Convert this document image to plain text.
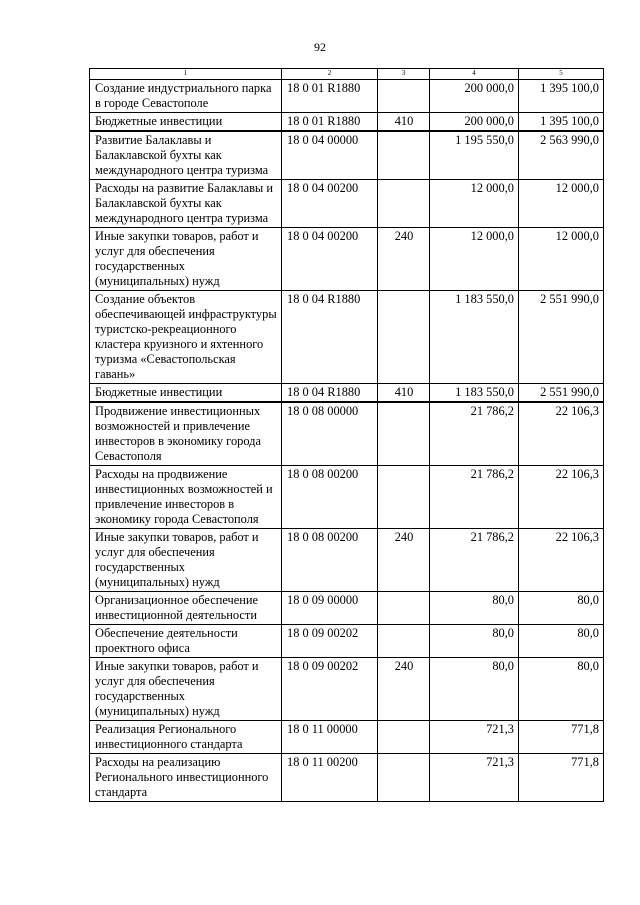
92
1	2	3	4	5
Создание индустриального парка в городе Севастополе	18 0 01 R1880		200 000,0	1 395 100,0
Бюджетные инвестиции	18 0 01 R1880	410	200 000,0	1 395 100,0
Развитие Балаклавы и Балаклавской бухты как международного центра туризма	18 0 04 00000		1 195 550,0	2 563 990,0
Расходы на развитие Балаклавы и Балаклавской бухты как международного центра туризма	18 0 04 00200		12 000,0	12 000,0
Иные закупки товаров, работ и услуг для обеспечения государственных (муниципальных) нужд	18 0 04 00200	240	12 000,0	12 000,0
Создание объектов обеспечивающей инфраструктуры туристско-рекреационного кластера круизного и яхтенного туризма «Севастопольская гавань»	18 0 04 R1880		1 183 550,0	2 551 990,0
Бюджетные инвестиции	18 0 04 R1880	410	1 183 550,0	2 551 990,0
Продвижение инвестиционных возможностей и привлечение инвесторов в экономику города Севастополя	18 0 08 00000		21 786,2	22 106,3
Расходы на продвижение инвестиционных возможностей и привлечение инвесторов в экономику города Севастополя	18 0 08 00200		21 786,2	22 106,3
Иные закупки товаров, работ и услуг для обеспечения государственных (муниципальных) нужд	18 0 08 00200	240	21 786,2	22 106,3
Организационное обеспечение инвестиционной деятельности	18 0 09 00000		80,0	80,0
Обеспечение деятельности проектного офиса	18 0 09 00202		80,0	80,0
Иные закупки товаров, работ и услуг для обеспечения государственных (муниципальных) нужд	18 0 09 00202	240	80,0	80,0
Реализация Регионального инвестиционного стандарта	18 0 11 00000		721,3	771,8
Расходы на реализацию Регионального инвестиционного стандарта	18 0 11 00200		721,3	771,8
